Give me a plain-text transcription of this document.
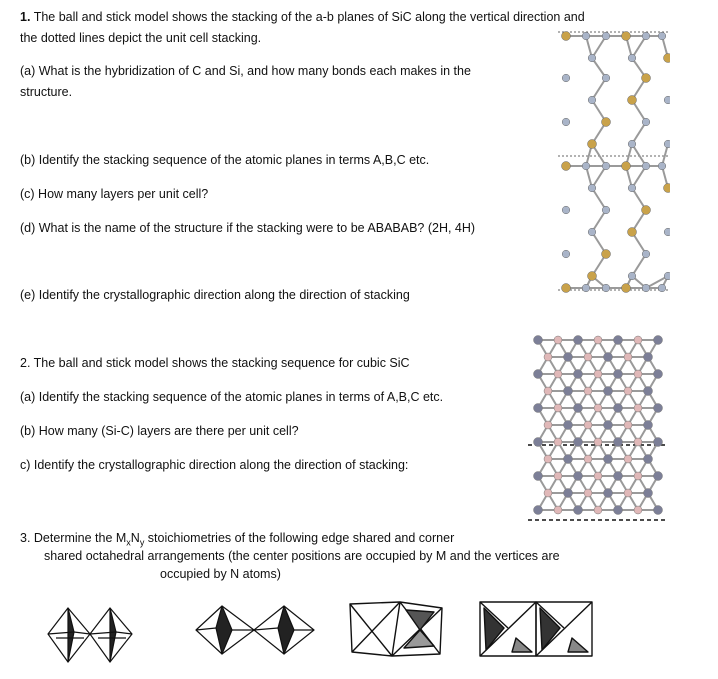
1. The ball and stick model shows the stacking of the a-b planes of SiC along the vertical direction and
the dotted lines depict the unit cell stacking.
(a) What is the hybridization of C and Si, and how many bonds each makes in the
structure.
(b) Identify the stacking sequence of the atomic planes in terms A,B,C etc.
(c) How many layers per unit cell?
(d) What is the name of the structure if the stacking were to be ABABAB? (2H, 4H)
(e) Identify the crystallographic direction along the direction of stacking
2. The ball and stick model shows the stacking sequence for cubic SiC
(a) Identify the stacking sequence of the atomic planes in terms of A,B,C etc.
(b) How many (Si-C) layers are there per unit cell?
c) Identify the crystallographic direction along the direction of stacking:
3. Determine the $M_xN_y$ stoichiometries of the following edge shared and corner
shared octahedral arrangements (the center positions are occupied by M and the vertices are
occupied by N atoms)
